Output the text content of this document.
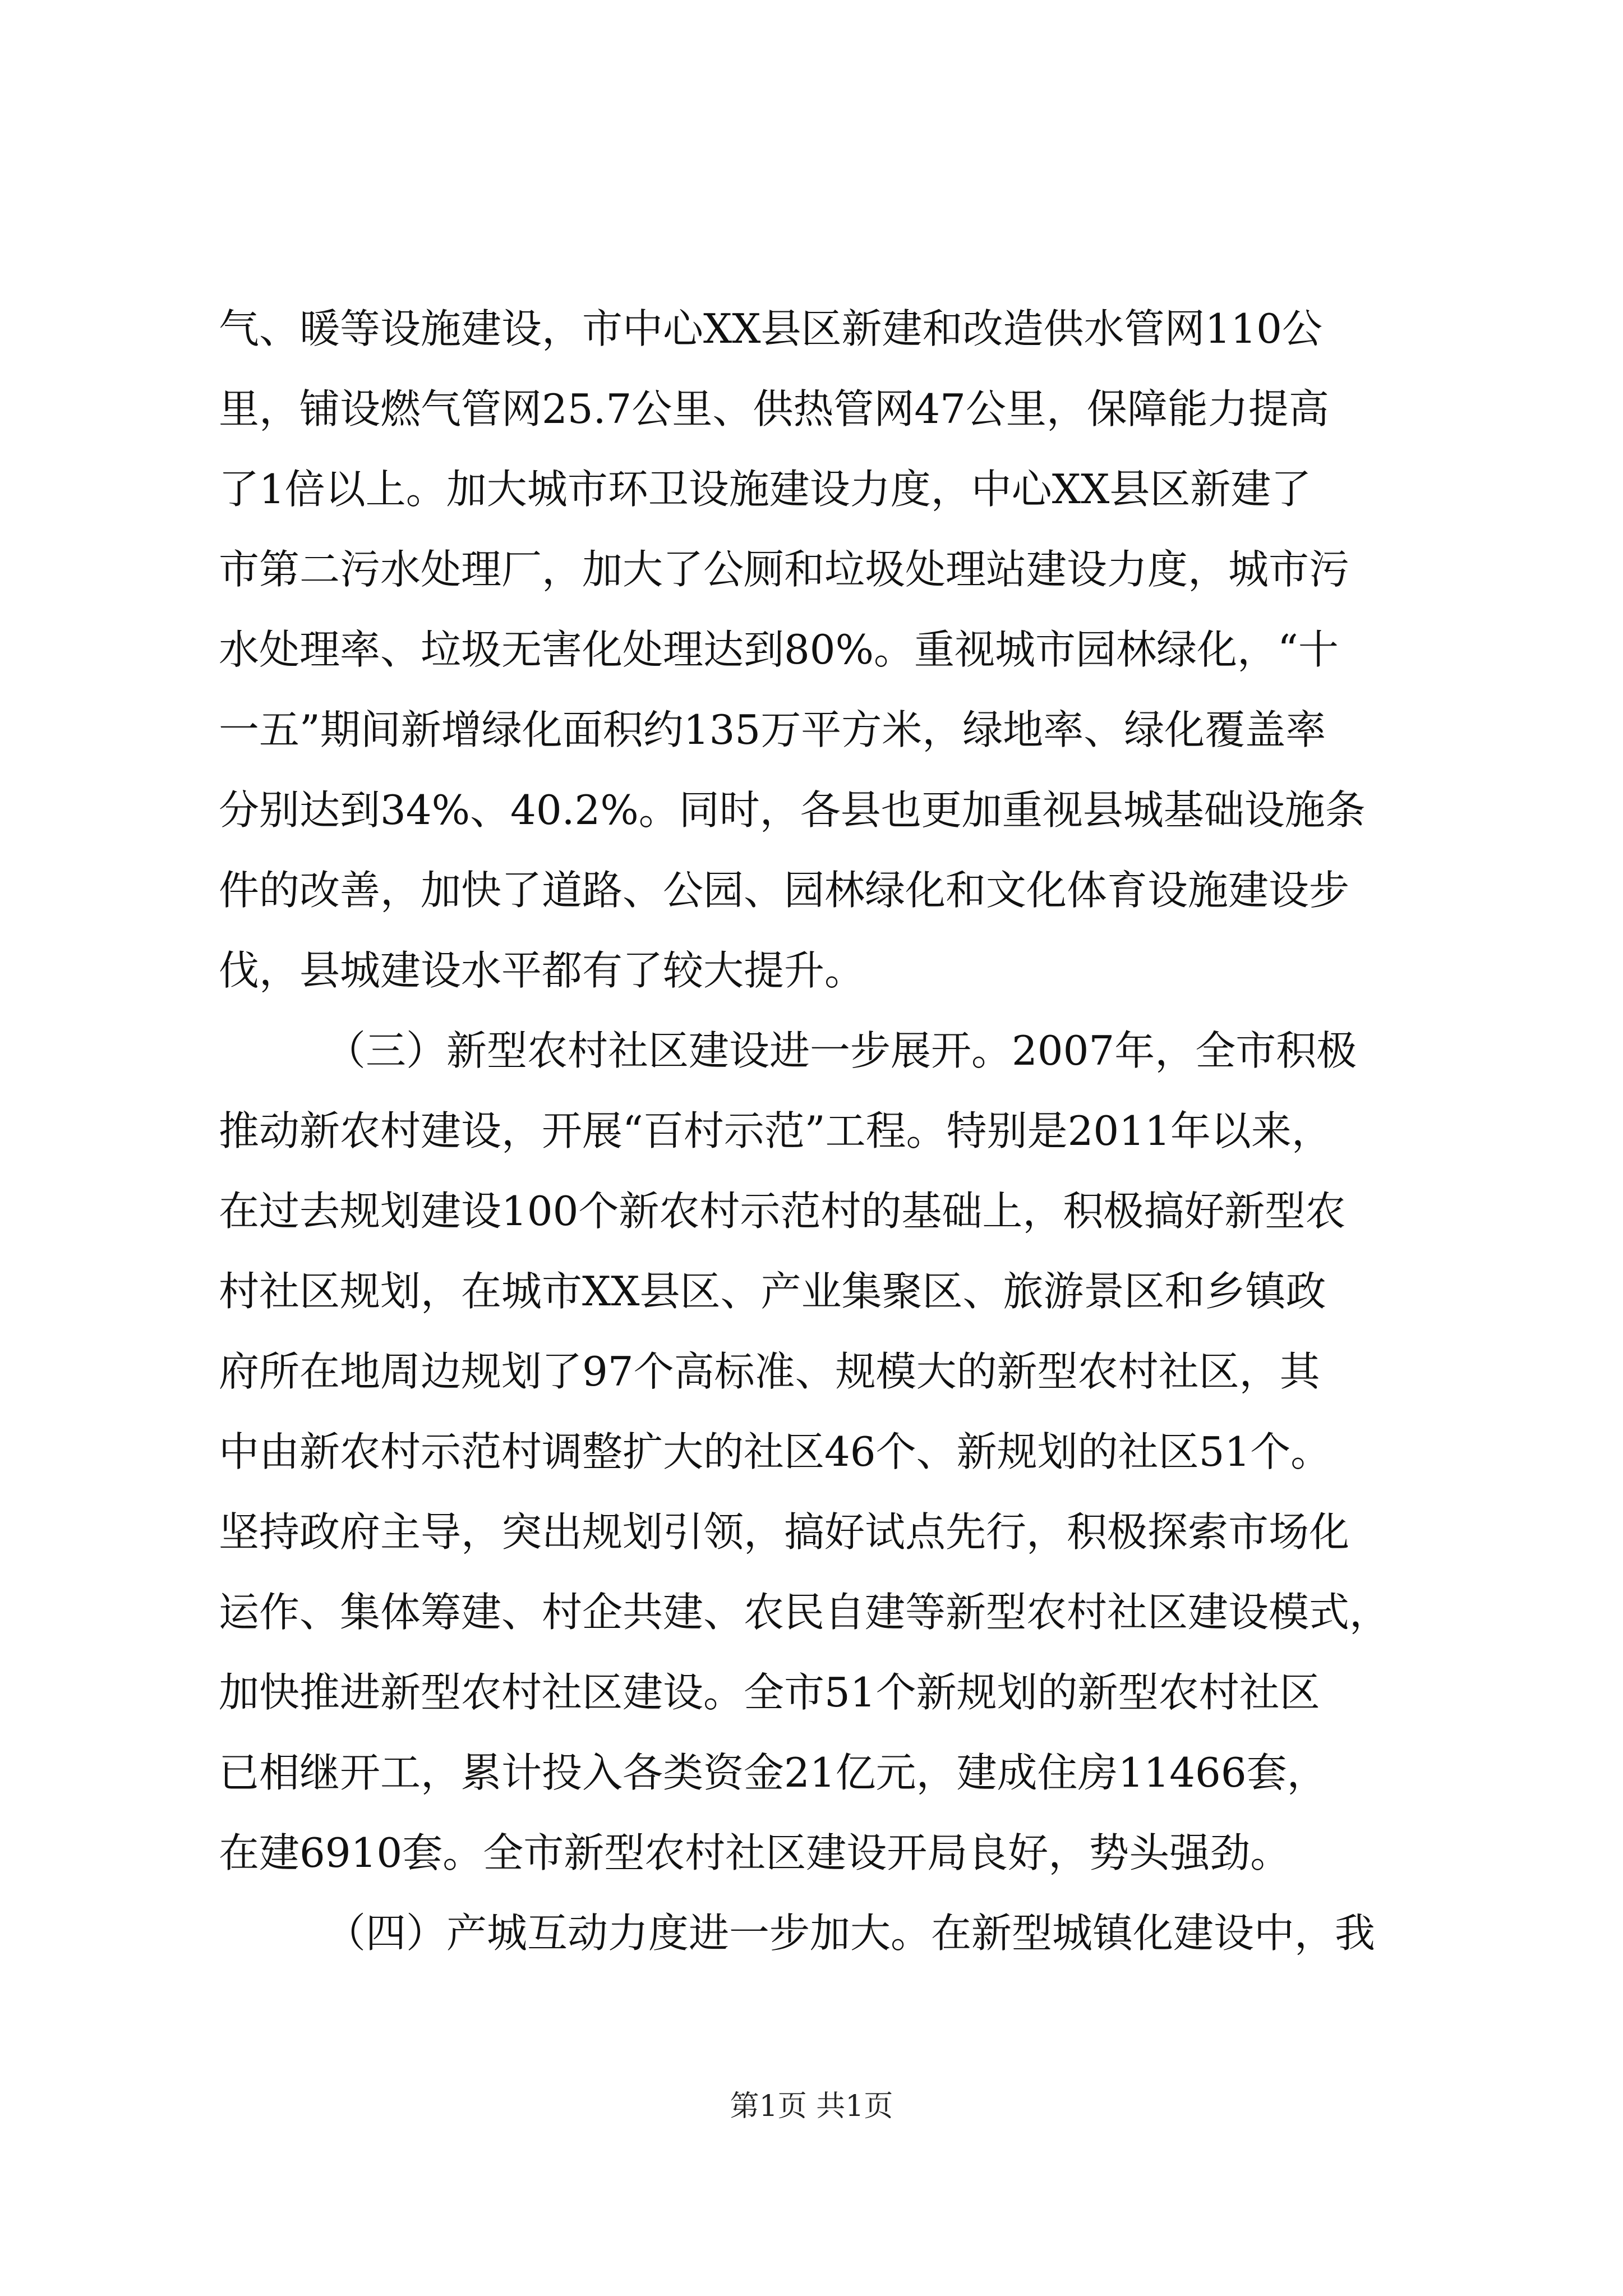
气、暖等设施建设，市中心XX县区新建和改造供水管网110公
里，铺设燃气管网25.7公里、供热管网47公里，保障能力提高
了1倍以上。加大城市环卫设施建设力度，中心XX县区新建了
市第二污水处理厂，加大了公厕和垃圾处理站建设力度，城市污
水处理率、垃圾无害化处理达到80%。重视城市园林绿化，“十
一五”期间新增绿化面积约135万平方米，绿地率、绿化覆盖率
分别达到34%、40.2%。同时，各县也更加重视县城基础设施条
件的改善，加快了道路、公园、园林绿化和文化体育设施建设步
伐，县城建设水平都有了较大提升。
（三）新型农村社区建设进一步展开。2007年，全市积极
推动新农村建设，开展“百村示范”工程。特别是2011年以来，
在过去规划建设100个新农村示范村的基础上，积极搞好新型农
村社区规划，在城市XX县区、产业集聚区、旅游景区和乡镇政
府所在地周边规划了97个高标准、规模大的新型农村社区，其
中由新农村示范村调整扩大的社区46个、新规划的社区51个。
坚持政府主导，突出规划引领，搞好试点先行，积极探索市场化
运作、集体筹建、村企共建、农民自建等新型农村社区建设模式，
加快推进新型农村社区建设。全市51个新规划的新型农村社区
已相继开工，累计投入各类资金21亿元，建成住房11466套，
在建6910套。全市新型农村社区建设开局良好，势头强劲。
（四）产城互动力度进一步加大。在新型城镇化建设中，我
第1页 共1页
